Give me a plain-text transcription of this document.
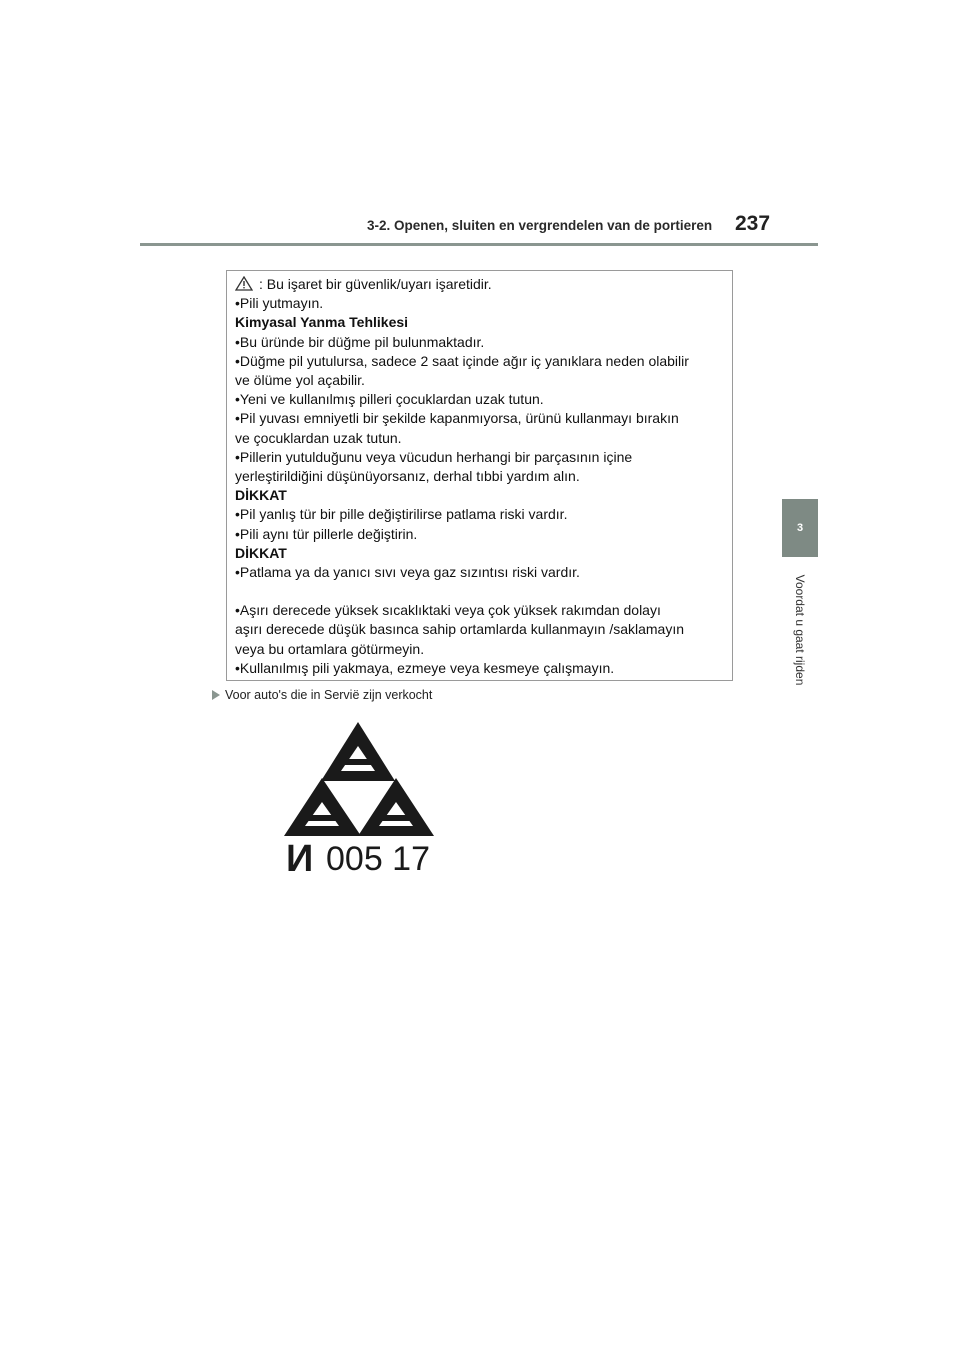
3-2. Openen, sluiten en vergrendelen van de portieren 237
3
Voordat u gaat rijden
: Bu işaret bir güvenlik/uyarı işaretidir.
•Pili yutmayın.
Kimyasal Yanma Tehlikesi
•Bu üründe bir düğme pil bulunmaktadır.
•Düğme pil yutulursa, sadece 2 saat içinde ağır iç yanıklara neden olabilir
ve ölüme yol açabilir.
•Yeni ve kullanılmış pilleri çocuklardan uzak tutun.
•Pil yuvası emniyetli bir şekilde kapanmıyorsa, ürünü kullanmayı bırakın
ve çocuklardan uzak tutun.
•Pillerin yutulduğunu veya vücudun herhangi bir parçasının içine
yerleştirildiğini düşünüyorsanız, derhal tıbbi yardım alın.
DİKKAT
•Pil yanlış tür bir pille değiştirilirse patlama riski vardır.
•Pili aynı tür pillerle değiştirin.
DİKKAT
•Patlama ya da yanıcı sıvı veya gaz sızıntısı riski vardır.
•Aşırı derecede yüksek sıcaklıktaki veya çok yüksek rakımdan dolayı
aşırı derecede düşük basınca sahip ortamlarda kullanmayın /saklamayın
veya bu ortamlara götürmeyin.
•Kullanılmış pili yakmaya, ezmeye veya kesmeye çalışmayın.
Voor auto's die in Servië zijn verkocht
И 005 17
